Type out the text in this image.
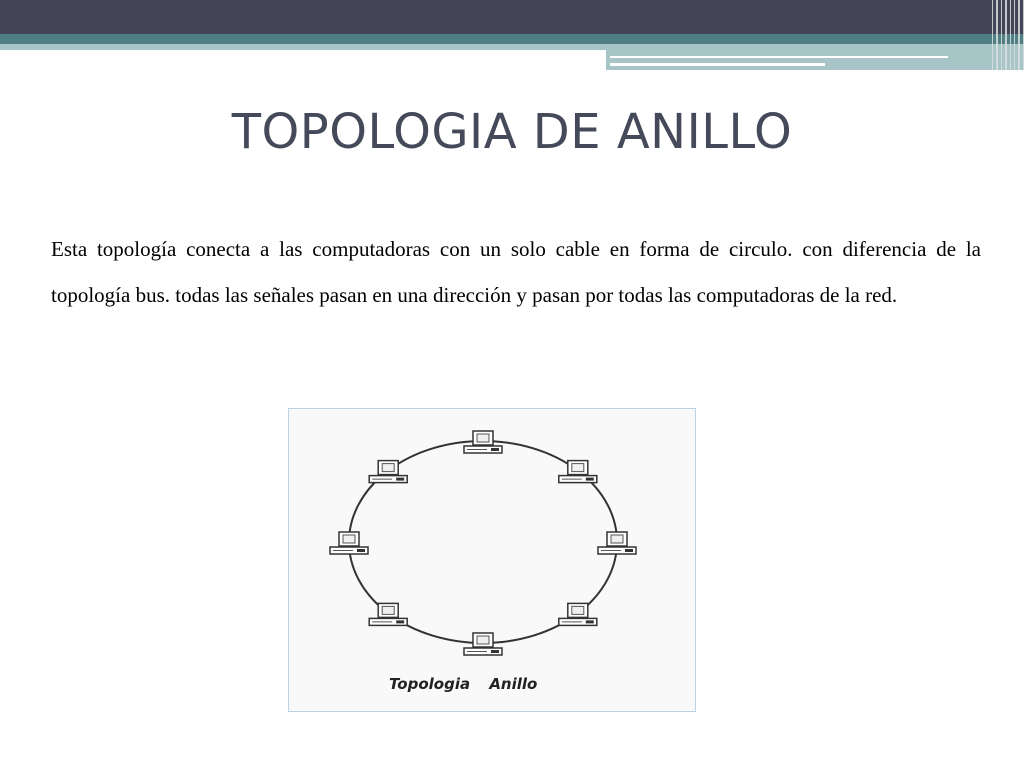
TOPOLOGIA DE ANILLO

Esta topología conecta a las computadoras con un solo cable en forma de circulo. con diferencia de la topología bus. todas las señales pasan en una dirección y pasan por todas las computadoras de la red.

Topologia Anillo
